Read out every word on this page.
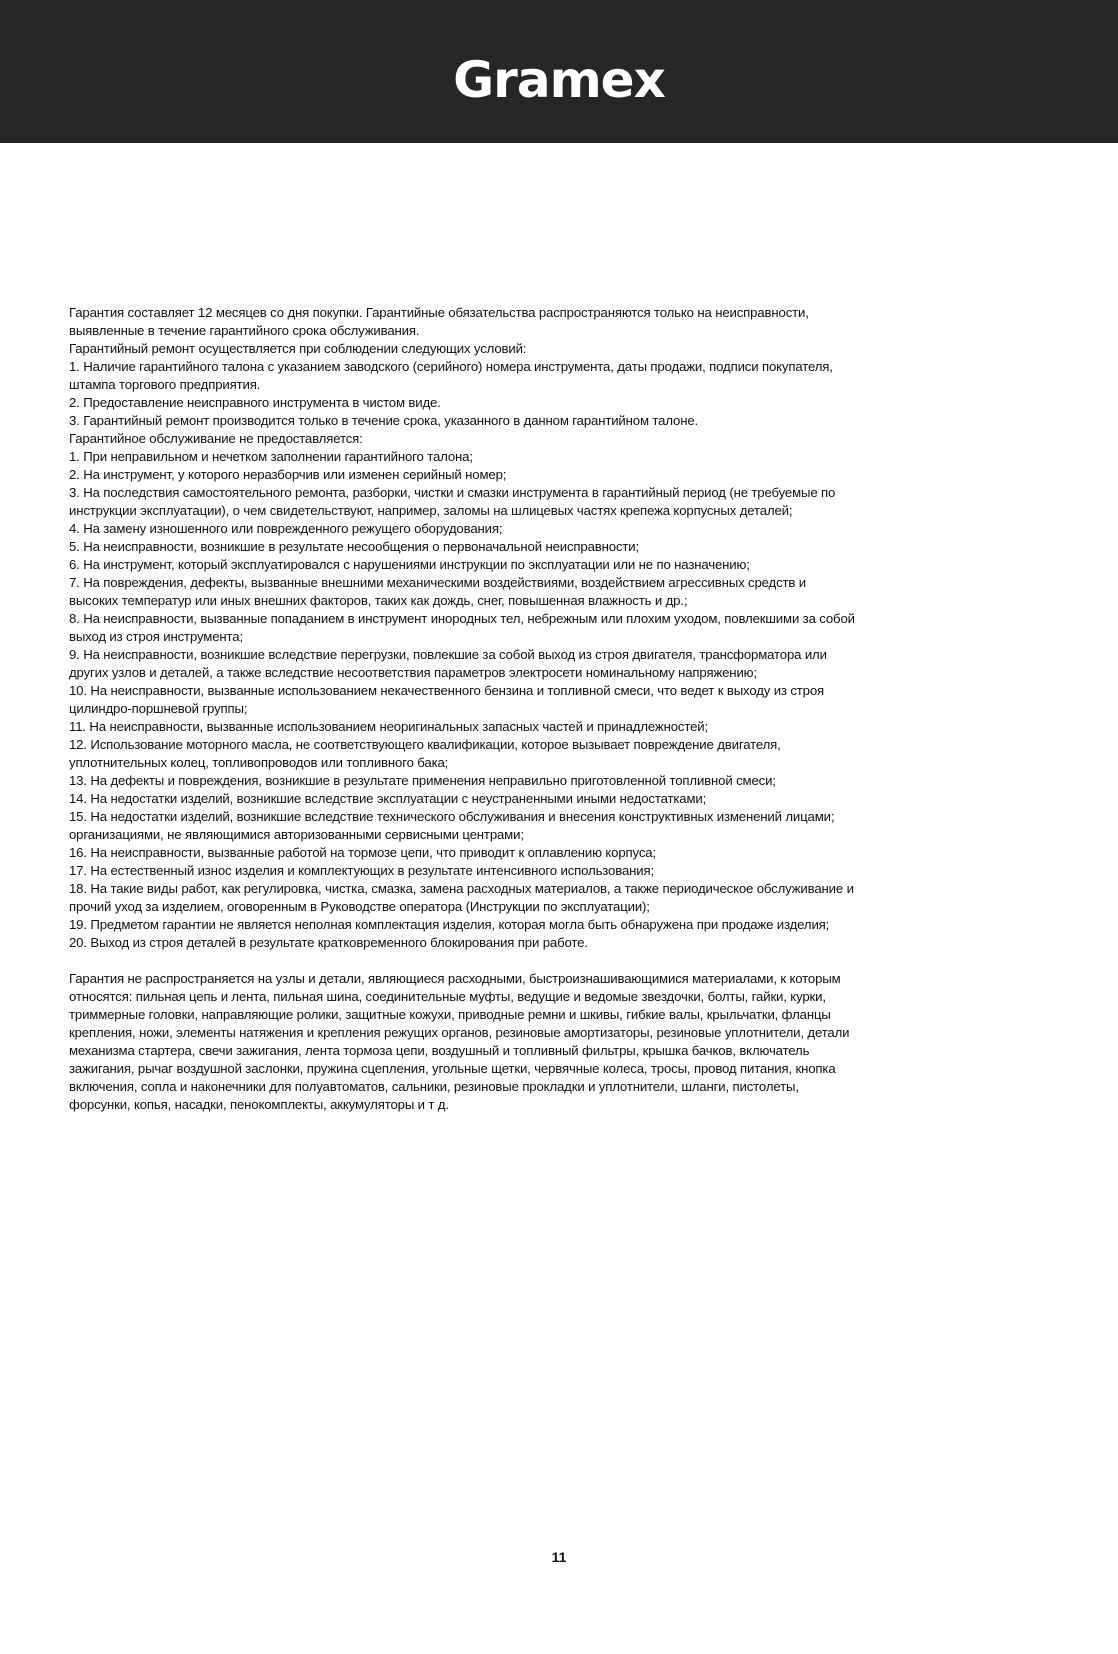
Gramex
Гарантия составляет 12 месяцев со дня покупки. Гарантийные обязательства распространяются только на неисправности,
выявленные в течение гарантийного срока обслуживания.
Гарантийный ремонт осуществляется при соблюдении следующих условий:
1. Наличие гарантийного талона с указанием заводского (серийного) номера инструмента, даты продажи, подписи покупателя,
штампа торгового предприятия.
2. Предоставление неисправного инструмента в чистом виде.
3. Гарантийный ремонт производится только в течение срока, указанного в данном гарантийном талоне.
Гарантийное обслуживание не предоставляется:
1. При неправильном и нечетком заполнении гарантийного талона;
2. На инструмент, у которого неразборчив или изменен серийный номер;
3. На последствия самостоятельного ремонта, разборки, чистки и смазки инструмента в гарантийный период (не требуемые по
инструкции эксплуатации), о чем свидетельствуют, например, заломы на шлицевых частях крепежа корпусных деталей;
4. На замену изношенного или поврежденного режущего оборудования;
5. На неисправности, возникшие в результате несообщения о первоначальной неисправности;
6. На инструмент, который эксплуатировался с нарушениями инструкции по эксплуатации или не по назначению;
7. На повреждения, дефекты, вызванные внешними механическими воздействиями, воздействием агрессивных средств и
высоких температур или иных внешних факторов, таких как дождь, снег, повышенная влажность и др.;
8. На неисправности, вызванные попаданием в инструмент инородных тел, небрежным или плохим уходом, повлекшими за собой
выход из строя инструмента;
9. На неисправности, возникшие вследствие перегрузки, повлекшие за собой выход из строя двигателя, трансформатора или
других узлов и деталей, а также вследствие несоответствия параметров электросети номинальному напряжению;
10. На неисправности, вызванные использованием некачественного бензина и топливной смеси, что ведет к выходу из строя
цилиндро-поршневой группы;
11. На неисправности, вызванные использованием неоригинальных запасных частей и принадлежностей;
12. Использование моторного масла, не соответствующего квалификации, которое вызывает повреждение двигателя,
уплотнительных колец, топливопроводов или топливного бака;
13. На дефекты и повреждения, возникшие в результате применения неправильно приготовленной топливной смеси;
14. На недостатки изделий, возникшие вследствие эксплуатации с неустраненными иными недостатками;
15. На недостатки изделий, возникшие вследствие технического обслуживания и внесения конструктивных изменений лицами;
организациями, не являющимися авторизованными сервисными центрами;
16. На неисправности, вызванные работой на тормозе цепи, что приводит к оплавлению корпуса;
17. На естественный износ изделия и комплектующих в результате интенсивного использования;
18. На такие виды работ, как регулировка, чистка, смазка, замена расходных материалов, а также периодическое обслуживание и
прочий уход за изделием, оговоренным в Руководстве оператора (Инструкции по эксплуатации);
19. Предметом гарантии не является неполная комплектация изделия, которая могла быть обнаружена при продаже изделия;
20. Выход из строя деталей в результате кратковременного блокирования при работе.
Гарантия не распространяется на узлы и детали, являющиеся расходными, быстроизнашивающимися материалами, к которым
относятся: пильная цепь и лента, пильная шина, соединительные муфты, ведущие и ведомые звездочки, болты, гайки, курки,
триммерные головки, направляющие ролики, защитные кожухи, приводные ремни и шкивы, гибкие валы, крыльчатки, фланцы
крепления, ножи, элементы натяжения и крепления режущих органов, резиновые амортизаторы, резиновые уплотнители, детали
механизма стартера, свечи зажигания, лента тормоза цепи, воздушный и топливный фильтры, крышка бачков, включатель
зажигания, рычаг воздушной заслонки, пружина сцепления, угольные щетки, червячные колеса, тросы, провод питания, кнопка
включения, сопла и наконечники для полуавтоматов, сальники, резиновые прокладки и уплотнители, шланги, пистолеты,
форсунки, копья, насадки, пенокомплекты, аккумуляторы и т д.
11
